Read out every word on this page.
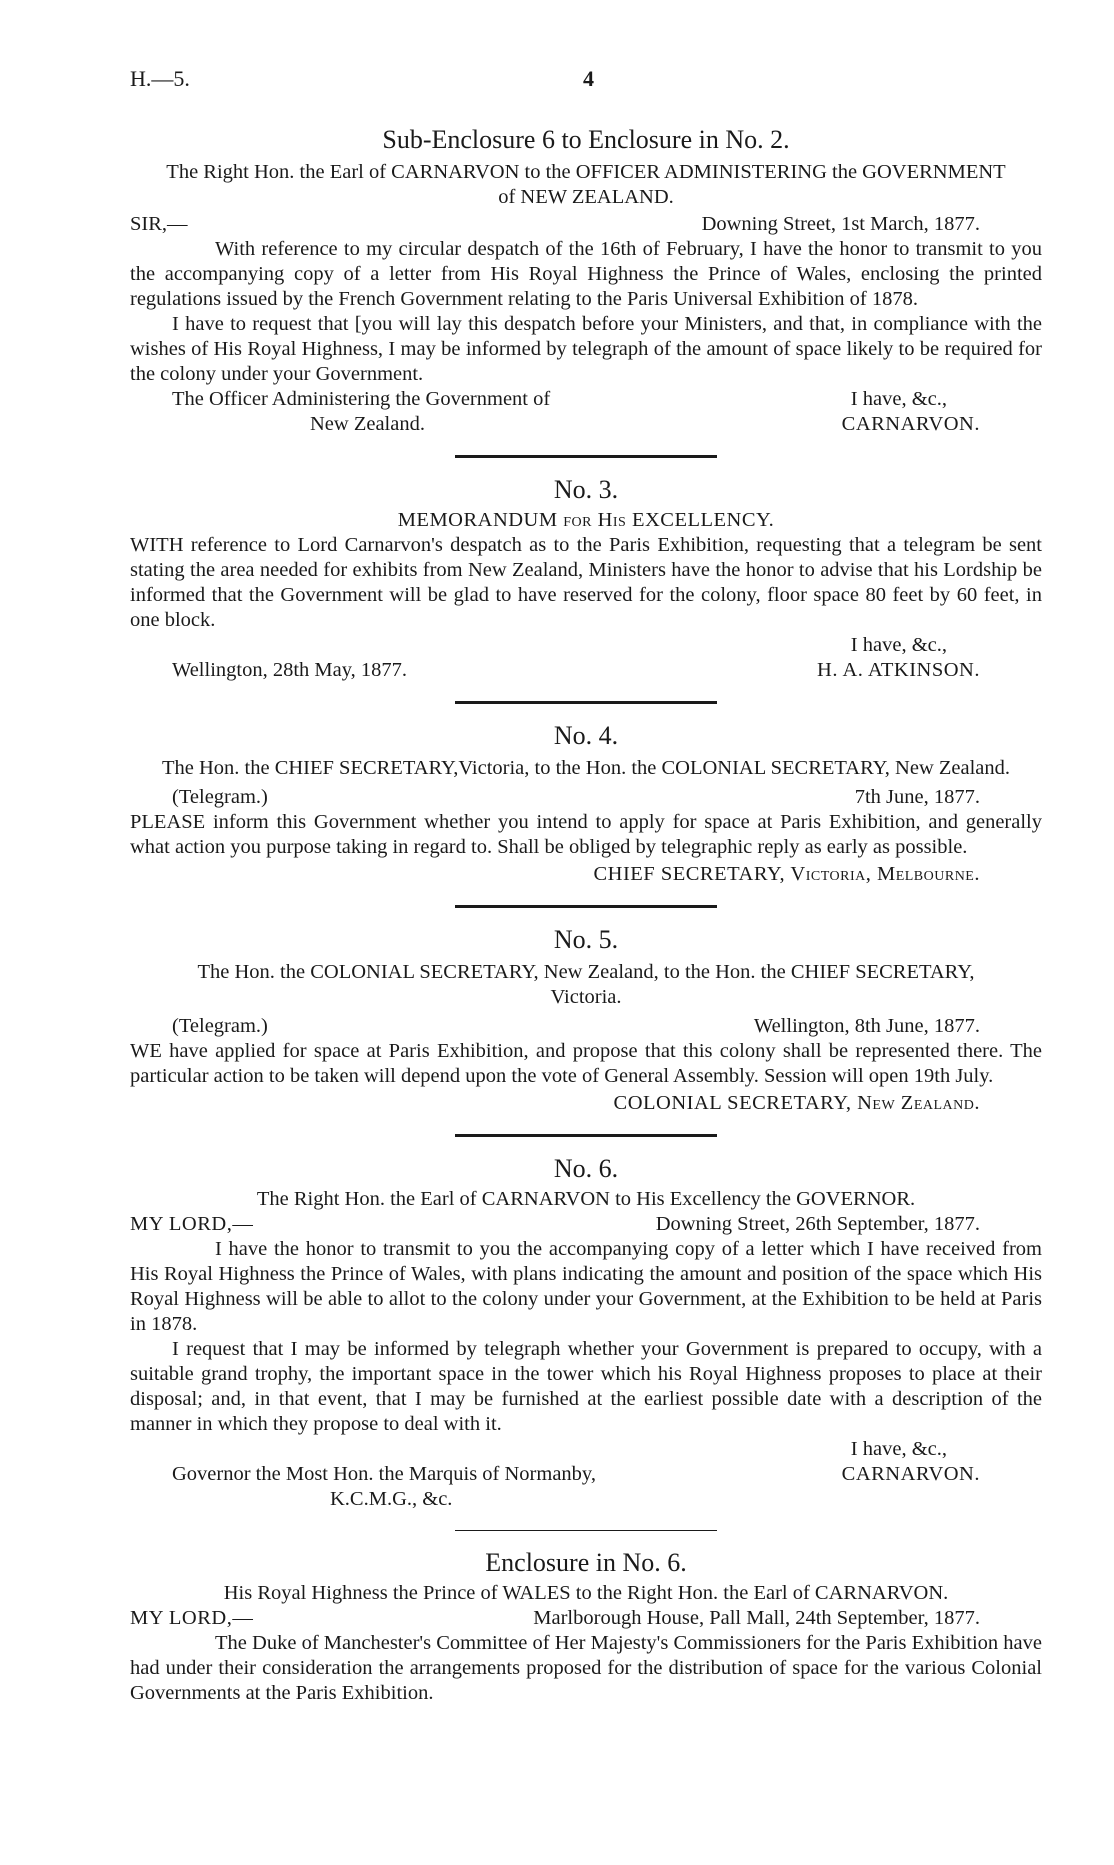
H.—5.	4
Sub-Enclosure 6 to Enclosure in No. 2.
The Right Hon. the Earl of CARNARVON to the OFFICER ADMINISTERING the GOVERNMENT
of NEW ZEALAND.
SIR,—	Downing Street, 1st March, 1877.

With reference to my circular despatch of the 16th of February, I have the honor to transmit to you the accompanying copy of a letter from His Royal Highness the Prince of Wales, enclosing the printed regulations issued by the French Government relating to the Paris Universal Exhibition of 1878.

I have to request that [you will lay this despatch before your Ministers, and that, in compliance with the wishes of His Royal Highness, I may be informed by telegraph of the amount of space likely to be required for the colony under your Government.

The Officer Administering the Government of	I have, &c.,
New Zealand.	CARNARVON.
No. 3.
MEMORANDUM for His EXCELLENCY.

WITH reference to Lord Carnarvon's despatch as to the Paris Exhibition, requesting that a telegram be sent stating the area needed for exhibits from New Zealand, Ministers have the honor to advise that his Lordship be informed that the Government will be glad to have reserved for the colony, floor space 80 feet by 60 feet, in one block.

I have, &c.,
Wellington, 28th May, 1877.	H. A. ATKINSON.
No. 4.
The Hon. the CHIEF SECRETARY,Victoria, to the Hon. the COLONIAL SECRETARY, New Zealand.
(Telegram.)	7th June, 1877.

PLEASE inform this Government whether you intend to apply for space at Paris Exhibition, and generally what action you purpose taking in regard to. Shall be obliged by telegraphic reply as early as possible.

CHIEF SECRETARY, Victoria, Melbourne.
No. 5.
The Hon. the COLONIAL SECRETARY, New Zealand, to the Hon. the CHIEF SECRETARY,
Victoria.
(Telegram.)	Wellington, 8th June, 1877.

WE have applied for space at Paris Exhibition, and propose that this colony shall be represented there. The particular action to be taken will depend upon the vote of General Assembly. Session will open 19th July.

COLONIAL SECRETARY, New Zealand.
No. 6.
The Right Hon. the Earl of CARNARVON to His Excellency the GOVERNOR.
MY LORD,—	Downing Street, 26th September, 1877.

I have the honor to transmit to you the accompanying copy of a letter which I have received from His Royal Highness the Prince of Wales, with plans indicating the amount and position of the space which His Royal Highness will be able to allot to the colony under your Government, at the Exhibition to be held at Paris in 1878.

I request that I may be informed by telegraph whether your Government is prepared to occupy, with a suitable grand trophy, the important space in the tower which his Royal Highness proposes to place at their disposal; and, in that event, that I may be furnished at the earliest possible date with a description of the manner in which they propose to deal with it.

I have, &c.,
Governor the Most Hon. the Marquis of Normanby,	CARNARVON.
K.C.M.G., &c.
Enclosure in No. 6.
His Royal Highness the Prince of WALES to the Right Hon. the Earl of CARNARVON.
MY LORD,—	Marlborough House, Pall Mall, 24th September, 1877.

The Duke of Manchester's Committee of Her Majesty's Commissioners for the Paris Exhibition have had under their consideration the arrangements proposed for the distribution of space for the various Colonial Governments at the Paris Exhibition.
